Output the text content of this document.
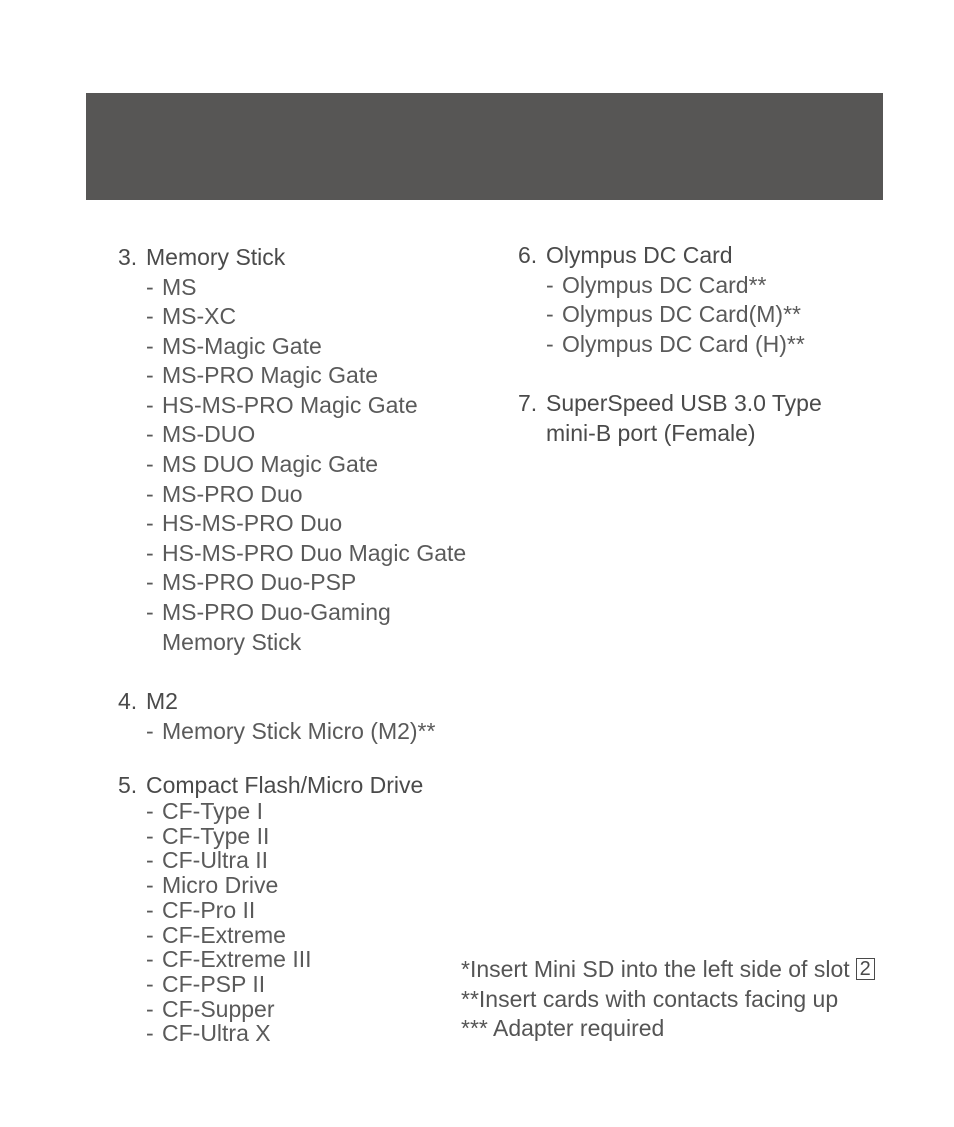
3. Memory Stick
- MS
- MS-XC
- MS-Magic Gate
- MS-PRO Magic Gate
- HS-MS-PRO Magic Gate
- MS-DUO
- MS DUO Magic Gate
- MS-PRO Duo
- HS-MS-PRO Duo
- HS-MS-PRO Duo Magic Gate
- MS-PRO Duo-PSP
- MS-PRO Duo-Gaming
Memory Stick
4. M2
- Memory Stick Micro (M2)**
5. Compact Flash/Micro Drive
- CF-Type I
- CF-Type II
- CF-Ultra II
- Micro Drive
- CF-Pro II
- CF-Extreme
- CF-Extreme III
- CF-PSP II
- CF-Supper
- CF-Ultra X
6. Olympus DC Card
- Olympus DC Card**
- Olympus DC Card(M)**
- Olympus DC Card (H)**
7. SuperSpeed USB 3.0 Type
mini-B port (Female)
*Insert Mini SD into the left side of slot 2
**Insert cards with contacts facing up
*** Adapter required
